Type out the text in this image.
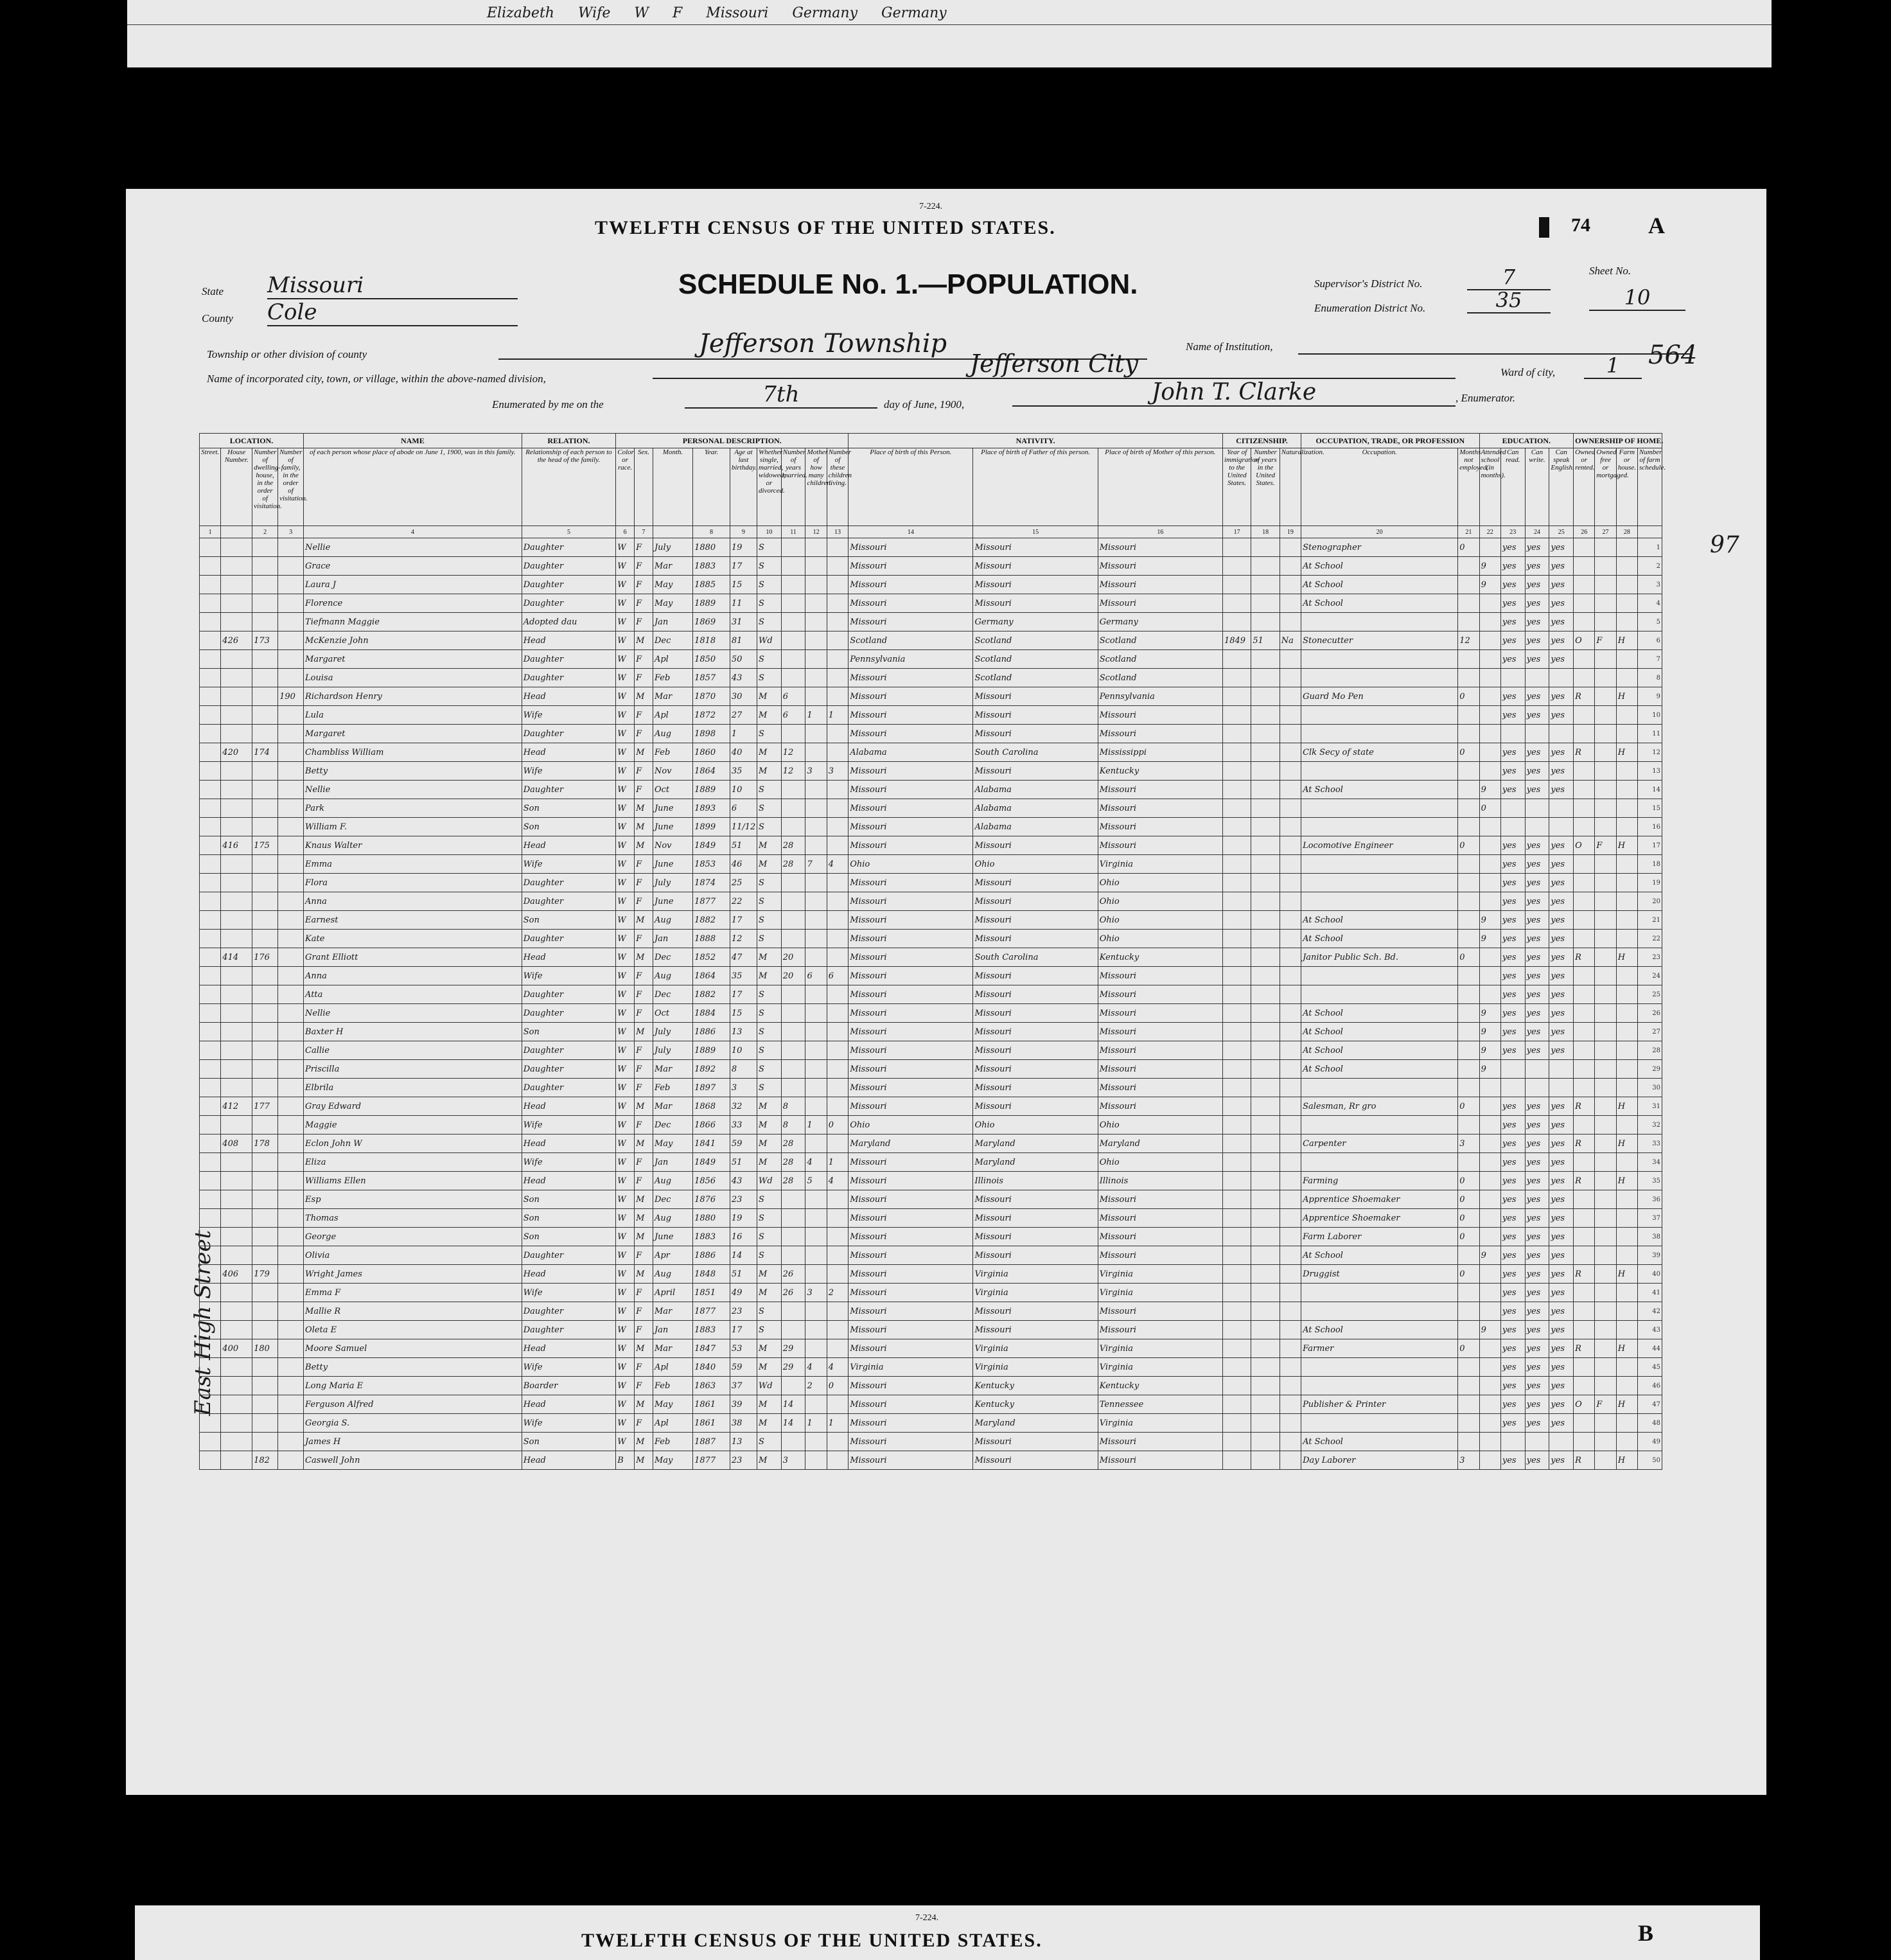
Elizabeth Wife W F Missouri Germany Germany
7-224.
TWELFTH CENSUS OF THE UNITED STATES.	74	A
SCHEDULE No. 1.—POPULATION.
State Missouri
County Cole
Supervisor's District No.	7
Enumeration District No.	35
Sheet No.
10
Township or other division of county	Jefferson Township	Name of Institution,
Name of incorporated city, town, or village, within the above-named division,
Jefferson City	Ward of city,	1	564
Enumerated by me on the	7th	day of June, 1900,	John T. Clarke	, Enumerator.
97
East High Street
LOCATION.				NAME	RELATION.	PERSONAL DESCRIPTION.									NATIVITY.			CITIZENSHIP.			OCCUPATION, TRADE, OR PROFESSION		EDUCATION.				OWNERSHIP OF HOME.			
Street.	House Number.	Number of dwelling-house, in the order of visitation.	Number of family, in the order of visitation.	of each person whose place of abode on June 1, 1900, was in this family.	Relationship of each person to the head of the family.	Color or race.	Sex.	Month.	Year.	Age at last birthday.	Whether single, married, widowed, or divorced.	Number of years married.	Mother of how many children.	Number of these children living.	Place of birth of this Person.	Place of birth of Father of this person.	Place of birth of Mother of this person.	Year of immigration to the United States.	Number of years in the United States.	Naturalization.	Occupation.	Months not employed.	Attended school (in months).	Can read.	Can write.	Can speak English.	Owned or rented.	Owned free or mortgaged.	Farm or house.	Number of farm schedule.
1		2	3	4	5	6	7		8	9	10	11	12	13	14	15	16	17	18	19	20	21	22	23	24	25	26	27	28	
				Nellie	Daughter	W	F	July	1880	19	S				Missouri	Missouri	Missouri				Stenographer	0		yes	yes	yes				1
				Grace	Daughter	W	F	Mar	1883	17	S				Missouri	Missouri	Missouri				At School		9	yes	yes	yes				2
				Laura J	Daughter	W	F	May	1885	15	S				Missouri	Missouri	Missouri				At School		9	yes	yes	yes				3
				Florence	Daughter	W	F	May	1889	11	S				Missouri	Missouri	Missouri				At School			yes	yes	yes				4
				Tiefmann Maggie	Adopted dau	W	F	Jan	1869	31	S				Missouri	Germany	Germany							yes	yes	yes				5
	426	173		McKenzie John	Head	W	M	Dec	1818	81	Wd				Scotland	Scotland	Scotland	1849	51	Na	Stonecutter	12		yes	yes	yes	O	F	H	6
				Margaret	Daughter	W	F	Apl	1850	50	S				Pennsylvania	Scotland	Scotland							yes	yes	yes				7
				Louisa	Daughter	W	F	Feb	1857	43	S				Missouri	Scotland	Scotland													8
			190	Richardson Henry	Head	W	M	Mar	1870	30	M	6			Missouri	Missouri	Pennsylvania				Guard Mo Pen	0		yes	yes	yes	R		H	9
				Lula	Wife	W	F	Apl	1872	27	M	6	1	1	Missouri	Missouri	Missouri							yes	yes	yes				10
				Margaret	Daughter	W	F	Aug	1898	1	S				Missouri	Missouri	Missouri													11
	420	174		Chambliss William	Head	W	M	Feb	1860	40	M	12			Alabama	South Carolina	Mississippi				Clk Secy of state	0		yes	yes	yes	R		H	12
				Betty	Wife	W	F	Nov	1864	35	M	12	3	3	Missouri	Missouri	Kentucky							yes	yes	yes				13
				Nellie	Daughter	W	F	Oct	1889	10	S				Missouri	Alabama	Missouri				At School		9	yes	yes	yes				14
				Park	Son	W	M	June	1893	6	S				Missouri	Alabama	Missouri						0							15
				William F.	Son	W	M	June	1899	11/12	S				Missouri	Alabama	Missouri													16
	416	175		Knaus Walter	Head	W	M	Nov	1849	51	M	28			Missouri	Missouri	Missouri				Locomotive Engineer	0		yes	yes	yes	O	F	H	17
				Emma	Wife	W	F	June	1853	46	M	28	7	4	Ohio	Ohio	Virginia							yes	yes	yes				18
				Flora	Daughter	W	F	July	1874	25	S				Missouri	Missouri	Ohio							yes	yes	yes				19
				Anna	Daughter	W	F	June	1877	22	S				Missouri	Missouri	Ohio							yes	yes	yes				20
				Earnest	Son	W	M	Aug	1882	17	S				Missouri	Missouri	Ohio				At School		9	yes	yes	yes				21
				Kate	Daughter	W	F	Jan	1888	12	S				Missouri	Missouri	Ohio				At School		9	yes	yes	yes				22
	414	176		Grant Elliott	Head	W	M	Dec	1852	47	M	20			Missouri	South Carolina	Kentucky				Janitor Public Sch. Bd.	0		yes	yes	yes	R		H	23
				Anna	Wife	W	F	Aug	1864	35	M	20	6	6	Missouri	Missouri	Missouri							yes	yes	yes				24
				Atta	Daughter	W	F	Dec	1882	17	S				Missouri	Missouri	Missouri							yes	yes	yes				25
				Nellie	Daughter	W	F	Oct	1884	15	S				Missouri	Missouri	Missouri				At School		9	yes	yes	yes				26
				Baxter H	Son	W	M	July	1886	13	S				Missouri	Missouri	Missouri				At School		9	yes	yes	yes				27
				Callie	Daughter	W	F	July	1889	10	S				Missouri	Missouri	Missouri				At School		9	yes	yes	yes				28
				Priscilla	Daughter	W	F	Mar	1892	8	S				Missouri	Missouri	Missouri				At School		9							29
				Elbrila	Daughter	W	F	Feb	1897	3	S				Missouri	Missouri	Missouri													30
	412	177		Gray Edward	Head	W	M	Mar	1868	32	M	8			Missouri	Missouri	Missouri				Salesman, Rr gro	0		yes	yes	yes	R		H	31
				Maggie	Wife	W	F	Dec	1866	33	M	8	1	0	Ohio	Ohio	Ohio							yes	yes	yes				32
	408	178		Eclon John W	Head	W	M	May	1841	59	M	28			Maryland	Maryland	Maryland				Carpenter	3		yes	yes	yes	R		H	33
				Eliza	Wife	W	F	Jan	1849	51	M	28	4	1	Missouri	Maryland	Ohio							yes	yes	yes				34
				Williams Ellen	Head	W	F	Aug	1856	43	Wd	28	5	4	Missouri	Illinois	Illinois				Farming	0		yes	yes	yes	R		H	35
				Esp	Son	W	M	Dec	1876	23	S				Missouri	Missouri	Missouri				Apprentice Shoemaker	0		yes	yes	yes				36
				Thomas	Son	W	M	Aug	1880	19	S				Missouri	Missouri	Missouri				Apprentice Shoemaker	0		yes	yes	yes				37
				George	Son	W	M	June	1883	16	S				Missouri	Missouri	Missouri				Farm Laborer	0		yes	yes	yes				38
				Olivia	Daughter	W	F	Apr	1886	14	S				Missouri	Missouri	Missouri				At School		9	yes	yes	yes				39
	406	179		Wright James	Head	W	M	Aug	1848	51	M	26			Missouri	Virginia	Virginia				Druggist	0		yes	yes	yes	R		H	40
				Emma F	Wife	W	F	April	1851	49	M	26	3	2	Missouri	Virginia	Virginia							yes	yes	yes				41
				Mallie R	Daughter	W	F	Mar	1877	23	S				Missouri	Missouri	Missouri							yes	yes	yes				42
				Oleta E	Daughter	W	F	Jan	1883	17	S				Missouri	Missouri	Missouri				At School		9	yes	yes	yes				43
	400	180		Moore Samuel	Head	W	M	Mar	1847	53	M	29			Missouri	Virginia	Virginia				Farmer	0		yes	yes	yes	R		H	44
				Betty	Wife	W	F	Apl	1840	59	M	29	4	4	Virginia	Virginia	Virginia							yes	yes	yes				45
				Long Maria E	Boarder	W	F	Feb	1863	37	Wd		2	0	Missouri	Kentucky	Kentucky							yes	yes	yes				46
				Ferguson Alfred	Head	W	M	May	1861	39	M	14			Missouri	Kentucky	Tennessee				Publisher & Printer			yes	yes	yes	O	F	H	47
				Georgia S.	Wife	W	F	Apl	1861	38	M	14	1	1	Missouri	Maryland	Virginia							yes	yes	yes				48
				James H	Son	W	M	Feb	1887	13	S				Missouri	Missouri	Missouri				At School									49
		182		Caswell John	Head	B	M	May	1877	23	M	3			Missouri	Missouri	Missouri				Day Laborer	3		yes	yes	yes	R		H	50
7-224.
TWELFTH CENSUS OF THE UNITED STATES.	B
